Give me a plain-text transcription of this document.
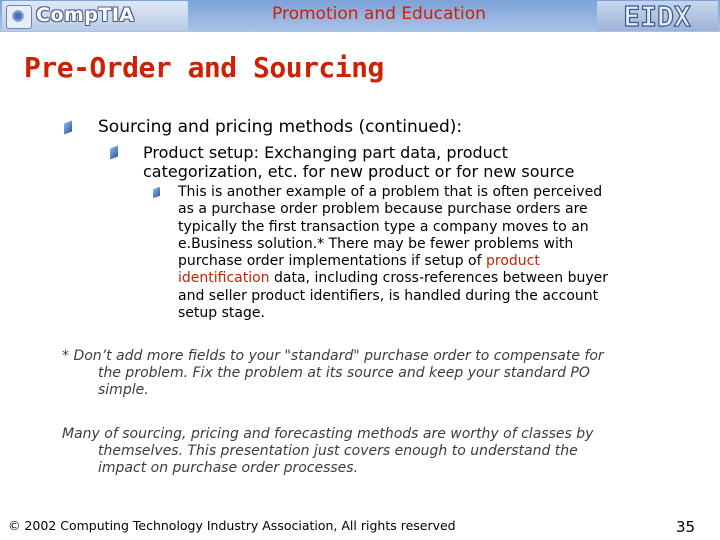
CompTIA	Promotion and Education	EIDX
Pre-Order and Sourcing
Sourcing and pricing methods (continued):
Product setup: Exchanging part data, product
categorization, etc. for new product or for new source
This is another example of a problem that is often perceived
as a purchase order problem because purchase orders are
typically the first transaction type a company moves to an
e.Business solution.* There may be fewer problems with
purchase order implementations if setup of product
identification data, including cross-references between buyer
and seller product identifiers, is handled during the account
setup stage.
* Don’t add more fields to your "standard" purchase order to compensate for
the problem. Fix the problem at its source and keep your standard PO
simple.
Many of sourcing, pricing and forecasting methods are worthy of classes by
themselves. This presentation just covers enough to understand the
impact on purchase order processes.
© 2002 Computing Technology Industry Association, All rights reserved	35
